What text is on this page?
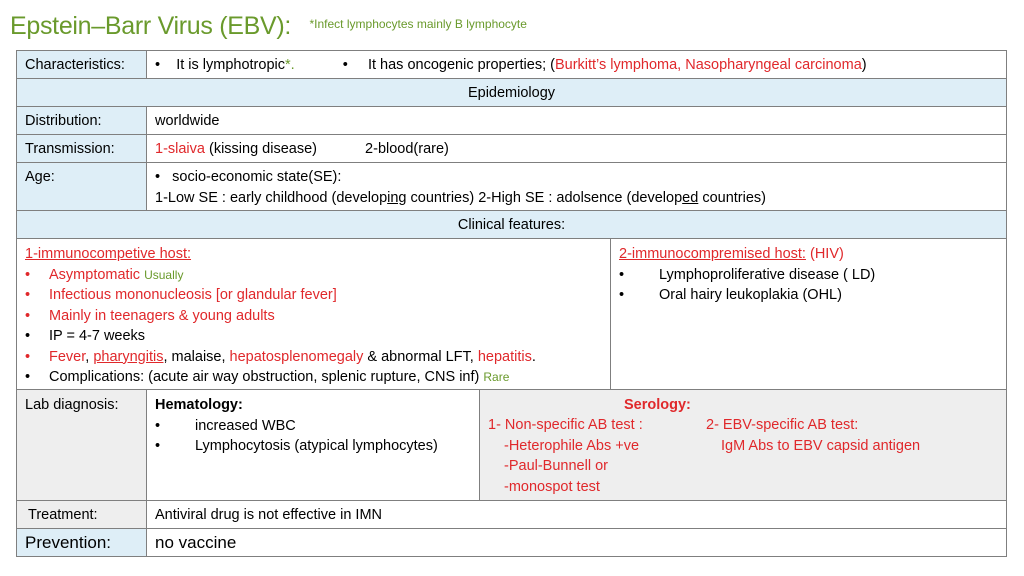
Epstein–Barr Virus (EBV): $^{*Infect lymphocytes mainly B lymphocyte}$
Characteristics:	• It is lymphotropic*.	• It has oncogenic properties; (Burkitt’s lymphoma, Nasopharyngeal carcinoma)
Epidemiology
Distribution:	worldwide
Transmission:	1-slaiva (kissing disease)	2-blood(rare)
Age:	• socio-economic state(SE):
1-Low SE : early childhood (developing countries) 2-High SE : adolsence (developed countries)
Clinical features:
1-immunocompetive host:
• Asymptomatic Usually
• Infectious mononucleosis [or glandular fever]
• Mainly in teenagers & young adults
• IP = 4-7 weeks
• Fever, pharyngitis, malaise, hepatosplenomegaly & abnormal LFT, hepatitis.
• Complications: (acute air way obstruction, splenic rupture, CNS inf) Rare
2-immunocompremised host: (HIV)
• Lymphoproliferative disease ( LD)
• Oral hairy leukoplakia (OHL)
Lab diagnosis:	Hematology:
• increased WBC
• Lymphocytosis (atypical lymphocytes)
Serology:
1- Non-specific AB test :
-Heterophile Abs +ve
-Paul-Bunnell or
-monospot test
2- EBV-specific AB test:
IgM Abs to EBV capsid antigen
Treatment:	Antiviral drug is not effective in IMN
Prevention:	no vaccine
